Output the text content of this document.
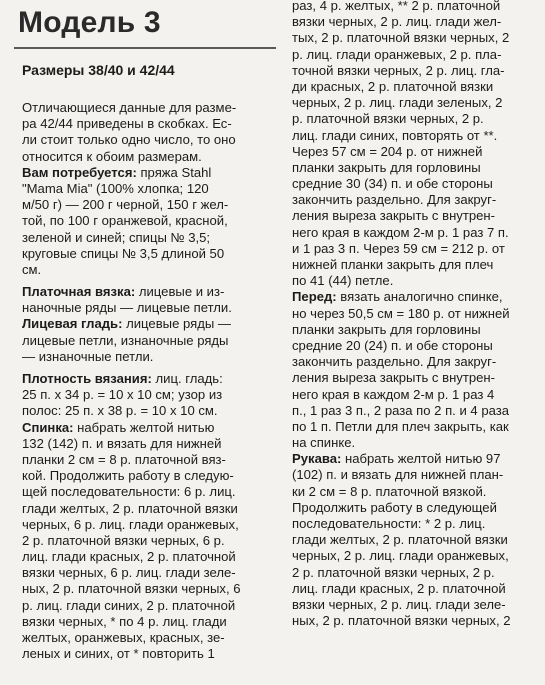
Модель 3
Размеры 38/40 и 42/44
Отличающиеся данные для разме-
ра 42/44 приведены в скобках. Ес-
ли стоит только одно число, то оно
относится к обоим размерам.
Вам потребуется: пряжа Stahl
"Mama Mia" (100% хлопка; 120
м/50 г) — 200 г черной, 150 г жел-
той, по 100 г оранжевой, красной,
зеленой и синей; спицы № 3,5;
круговые спицы № 3,5 длиной 50
см.
Платочная вязка: лицевые и из-
наночные ряды — лицевые петли.
Лицевая гладь: лицевые ряды —
лицевые петли, изнаночные ряды
— изнаночные петли.
Плотность вязания: лиц. гладь:
25 п. х 34 р. = 10 х 10 см; узор из
полос: 25 п. х 38 р. = 10 х 10 см.
Спинка: набрать желтой нитью
132 (142) п. и вязать для нижней
планки 2 см = 8 р. платочной вяз-
кой. Продолжить работу в следую-
щей последовательности: 6 р. лиц.
глади желтых, 2 р. платочной вязки
черных, 6 р. лиц. глади оранжевых,
2 р. платочной вязки черных, 6 р.
лиц. глади красных, 2 р. платочной
вязки черных, 6 р. лиц. глади зеле-
ных, 2 р. платочной вязки черных, 6
р. лиц. глади синих, 2 р. платочной
вязки черных, * по 4 р. лиц. глади
желтых, оранжевых, красных, зе-
леных и синих, от * повторить 1
раз, 4 р. желтых, ** 2 р. платочной
вязки черных, 2 р. лиц. глади жел-
тых, 2 р. платочной вязки черных, 2
р. лиц. глади оранжевых, 2 р. пла-
точной вязки черных, 2 р. лиц. гла-
ди красных, 2 р. платочной вязки
черных, 2 р. лиц. глади зеленых, 2
р. платочной вязки черных, 2 р.
лиц. глади синих, повторять от **.
Через 57 см = 204 р. от нижней
планки закрыть для горловины
средние 30 (34) п. и обе стороны
закончить раздельно. Для закруг-
ления выреза закрыть с внутрен-
него края в каждом 2-м р. 1 раз 7 п.
и 1 раз 3 п. Через 59 см = 212 р. от
нижней планки закрыть для плеч
по 41 (44) петле.
Перед: вязать аналогично спинке,
но через 50,5 см = 180 р. от нижней
планки закрыть для горловины
средние 20 (24) п. и обе стороны
закончить раздельно. Для закруг-
ления выреза закрыть с внутрен-
него края в каждом 2-м р. 1 раз 4
п., 1 раз 3 п., 2 раза по 2 п. и 4 раза
по 1 п. Петли для плеч закрыть, как
на спинке.
Рукава: набрать желтой нитью 97
(102) п. и вязать для нижней план-
ки 2 см = 8 р. платочной вязкой.
Продолжить работу в следующей
последовательности: * 2 р. лиц.
глади желтых, 2 р. платочной вязки
черных, 2 р. лиц. глади оранжевых,
2 р. платочной вязки черных, 2 р.
лиц. глади красных, 2 р. платочной
вязки черных, 2 р. лиц. глади зеле-
ных, 2 р. платочной вязки черных, 2
